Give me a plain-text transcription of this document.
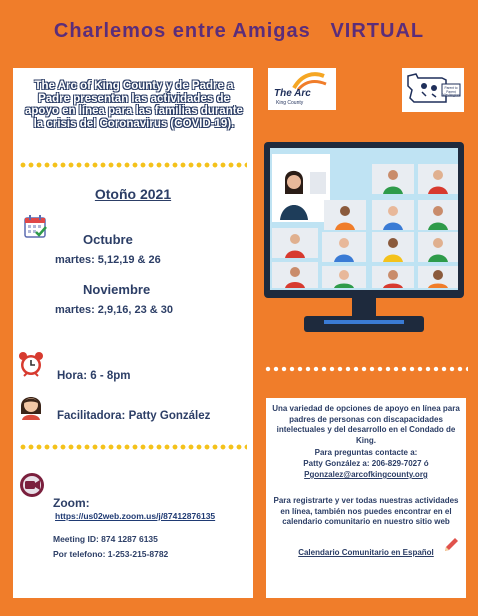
Charlemos entre Amigas   VIRTUAL
The Arc of King County y de Padre a Padre presentan las actividades de apoyo en línea para las familias durante la crisis del Coronavirus (COVID-19).
Otoño 2021
Octubre
martes: 5,12,19 & 26
Noviembre
martes: 2,9,16, 23 & 30
Hora: 6 - 8pm
Facilitadora: Patty González
Zoom:
https://us02web.zoom.us/j/87412876135
Meeting ID: 874 1287 6135
Por telefono: 1-253-215-8782
The Arc
King County
Parent to Parent Washington
Una variedad de opciones de apoyo en línea para padres de personas con discapacidades intelectuales y del desarrollo en el Condado de King.
Para preguntas contacte a:
Patty González a: 206-829-7027 ó
Pgonzalez@arcofkingcounty.org
Para registrarte y ver todas nuestras actividades en línea, también nos puedes encontrar en el calendario comunitario en nuestro sitio web
Calendario Comunitario en Español
